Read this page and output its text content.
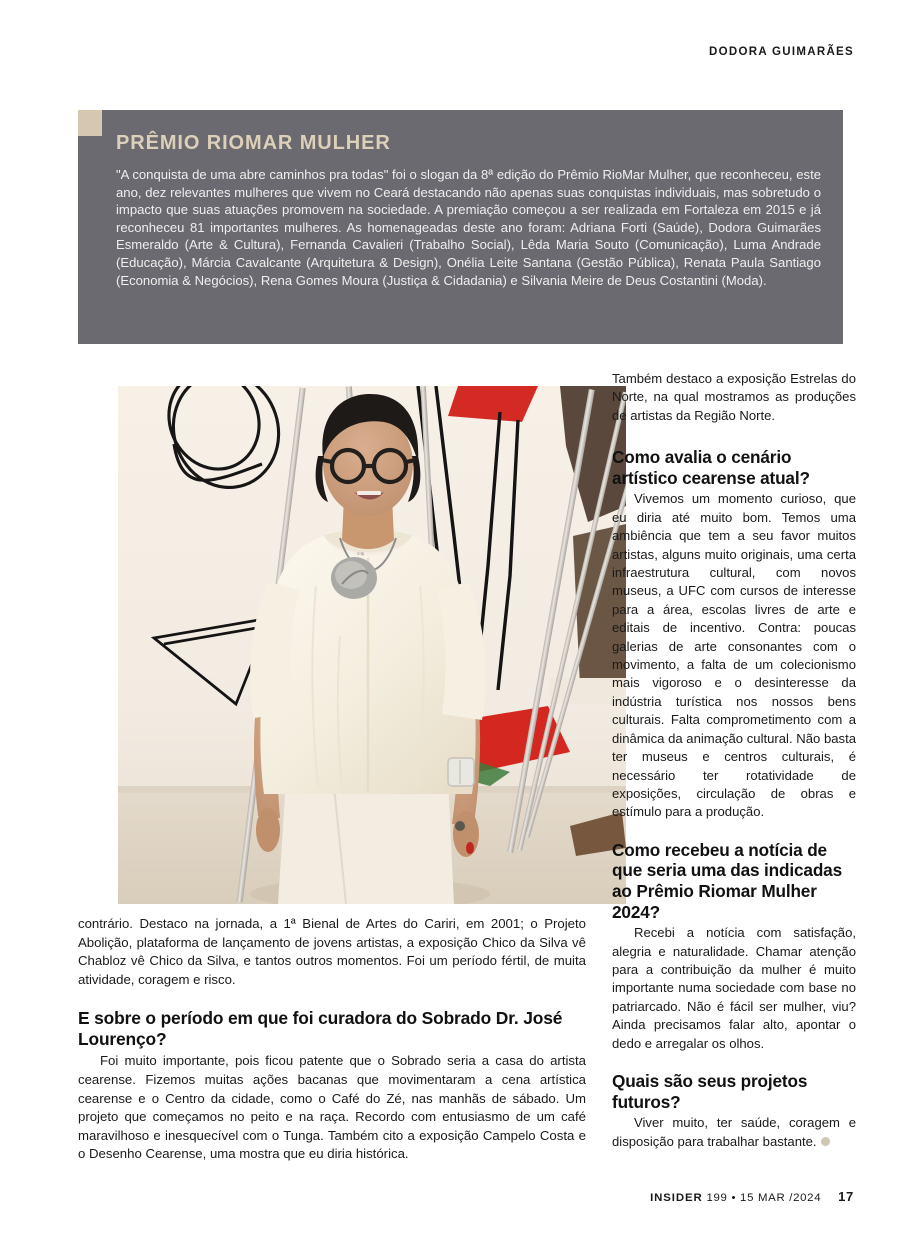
DODORA GUIMARÃES
PRÊMIO RIOMAR MULHER

"A conquista de uma abre caminhos pra todas" foi o slogan da 8ª edição do Prêmio RioMar Mulher, que reconheceu, este ano, dez relevantes mulheres que vivem no Ceará destacando não apenas suas conquistas individuais, mas sobretudo o impacto que suas atuações promovem na sociedade. A premiação começou a ser realizada em Fortaleza em 2015 e já reconheceu 81 importantes mulheres. As homenageadas deste ano foram: Adriana Forti (Saúde), Dodora Guimarães Esmeraldo (Arte & Cultura), Fernanda Cavalieri (Trabalho Social), Lêda Maria Souto (Comunicação), Luma Andrade (Educação), Márcia Cavalcante (Arquitetura & Design), Onélia Leite Santana (Gestão Pública), Renata Paula Santiago (Economia & Negócios), Rena Gomes Moura (Justiça & Cidadania) e Silvania Meire de Deus Costantini (Moda).

contrário. Destaco na jornada, a 1ª Bienal de Artes do Cariri, em 2001; o Projeto Abolição, plataforma de lançamento de jovens artistas, a exposição Chico da Silva vê Chabloz vê Chico da Silva, e tantos outros momentos. Foi um período fértil, de muita atividade, coragem e risco.

E sobre o período em que foi curadora do Sobrado Dr. José Lourenço?

Foi muito importante, pois ficou patente que o Sobrado seria a casa do artista cearense. Fizemos muitas ações bacanas que movimentaram a cena artística cearense e o Centro da cidade, como o Café do Zé, nas manhãs de sábado. Um projeto que começamos no peito e na raça. Recordo com entusiasmo de um café maravilhoso e inesquecível com o Tunga. Também cito a exposição Campelo Costa e o Desenho Cearense, uma mostra que eu diria histórica.

Também destaco a exposição Estrelas do Norte, na qual mostramos as produções de artistas da Região Norte.

Como avalia o cenário artístico cearense atual?

Vivemos um momento curioso, que eu diria até muito bom. Temos uma ambiência que tem a seu favor muitos artistas, alguns muito originais, uma certa infraestrutura cultural, com novos museus, a UFC com cursos de interesse para a área, escolas livres de arte e editais de incentivo. Contra: poucas galerias de arte consonantes com o movimento, a falta de um colecionismo mais vigoroso e o desinteresse da indústria turística nos nossos bens culturais. Falta comprometimento com a dinâmica da animação cultural. Não basta ter museus e centros culturais, é necessário ter rotatividade de exposições, circulação de obras e estímulo para a produção.

Como recebeu a notícia de que seria uma das indicadas ao Prêmio Riomar Mulher 2024?

Recebi a notícia com satisfação, alegria e naturalidade. Chamar atenção para a contribuição da mulher é muito importante numa sociedade com base no patriarcado. Não é fácil ser mulher, viu? Ainda precisamos falar alto, apontar o dedo e arregalar os olhos.

Quais são seus projetos futuros?

Viver muito, ter saúde, coragem e disposição para trabalhar bastante.

INSIDER 199 • 15 MAR /2024 17
